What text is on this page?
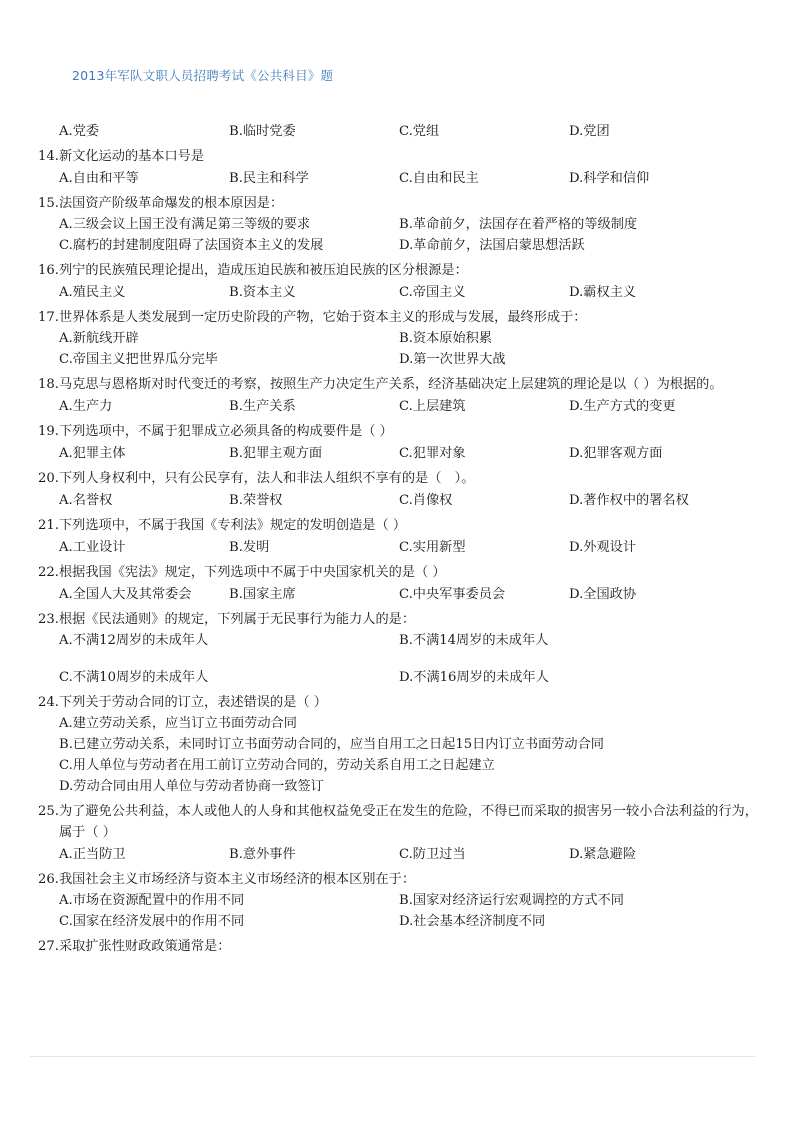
2013年军队文职人员招聘考试《公共科目》题
A.党委	B.临时党委	C.党组	D.党团
14. 新文化运动的基本口号是
A.自由和平等	B.民主和科学	C.自由和民主	D.科学和信仰
15. 法国资产阶级革命爆发的根本原因是：
A.三级会议上国王没有满足第三等级的要求	B.革命前夕，法国存在着严格的等级制度
C.腐朽的封建制度阻碍了法国资本主义的发展	D.革命前夕，法国启蒙思想活跃
16. 列宁的民族殖民理论提出，造成压迫民族和被压迫民族的区分根源是：
A.殖民主义	B.资本主义	C.帝国主义	D.霸权主义
17. 世界体系是人类发展到一定历史阶段的产物，它始于资本主义的形成与发展，最终形成于：
A.新航线开辟	B.资本原始积累
C.帝国主义把世界瓜分完毕	D.第一次世界大战
18. 马克思与恩格斯对时代变迁的考察，按照生产力决定生产关系，经济基础决定上层建筑的理论是以（ ）为根据的。
A.生产力	B.生产关系	C.上层建筑	D.生产方式的变更
19. 下列选项中，不属于犯罪成立必须具备的构成要件是（ ）
A.犯罪主体	B.犯罪主观方面	C.犯罪对象	D.犯罪客观方面
20. 下列人身权利中，只有公民享有，法人和非法人组织不享有的是（　）。
A.名誉权	B.荣誉权	C.肖像权	D.著作权中的署名权
21. 下列选项中，不属于我国《专利法》规定的发明创造是（ ）
A.工业设计	B.发明	C.实用新型	D.外观设计
22. 根据我国《宪法》规定，下列选项中不属于中央国家机关的是（ ）
A.全国人大及其常委会	B.国家主席	C.中央军事委员会	D.全国政协
23. 根据《民法通则》的规定，下列属于无民事行为能力人的是：
A.不满12周岁的未成年人	B.不满14周岁的未成年人
C.不满10周岁的未成年人	D.不满16周岁的未成年人
24. 下列关于劳动合同的订立，表述错误的是（ ）
A.建立劳动关系，应当订立书面劳动合同
B.已建立劳动关系，未同时订立书面劳动合同的，应当自用工之日起15日内订立书面劳动合同
C.用人单位与劳动者在用工前订立劳动合同的，劳动关系自用工之日起建立
D.劳动合同由用人单位与劳动者协商一致签订
25. 为了避免公共利益，本人或他人的人身和其他权益免受正在发生的危险，不得已而采取的损害另一较小合法利益的行为，属于（ ）
A.正当防卫	B.意外事件	C.防卫过当	D.紧急避险
26. 我国社会主义市场经济与资本主义市场经济的根本区别在于：
A.市场在资源配置中的作用不同	B.国家对经济运行宏观调控的方式不同
C.国家在经济发展中的作用不同	D.社会基本经济制度不同
27. 采取扩张性财政政策通常是：
